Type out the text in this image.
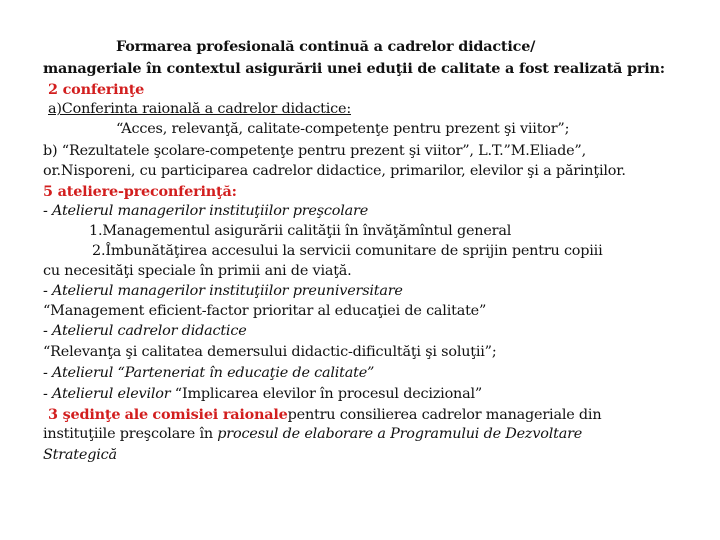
Formarea profesională continuă a cadrelor didactice/
manageriale în contextul asigurării unei eduţii de calitate a fost realizată prin:
2 conferinţe
a)Conferinta raională a cadrelor didactice:
“Acces, relevanţă, calitate-competenţe pentru prezent şi viitor”;
b) “Rezultatele şcolare-competenţe pentru prezent şi viitor”, L.T.”M.Eliade”,
or.Nisporeni, cu participarea cadrelor didactice, primarilor, elevilor şi a părinţilor.
5 ateliere-preconferinţă:
- Atelierul managerilor instituţiilor preşcolare
1.Managementul asigurării calităţii în învăţămîntul general
2.Îmbunătăţirea accesului la servicii comunitare de sprijin pentru copiii
cu necesităţi speciale în primii ani de viaţă.
- Atelierul managerilor instituţiilor preuniversitare
“Management eficient-factor prioritar al educaţiei de calitate”
- Atelierul cadrelor didactice
“Relevanţa şi calitatea demersului didactic-dificultăţi şi soluţii”;
- Atelierul “Parteneriat în educaţie de calitate”
- Atelierul elevilor “Implicarea elevilor în procesul decizional”
3 şedinţe ale comisiei raionalepentru consilierea cadrelor manageriale din
instituţiile preşcolare în procesul de elaborare a Programului de Dezvoltare
Strategică
